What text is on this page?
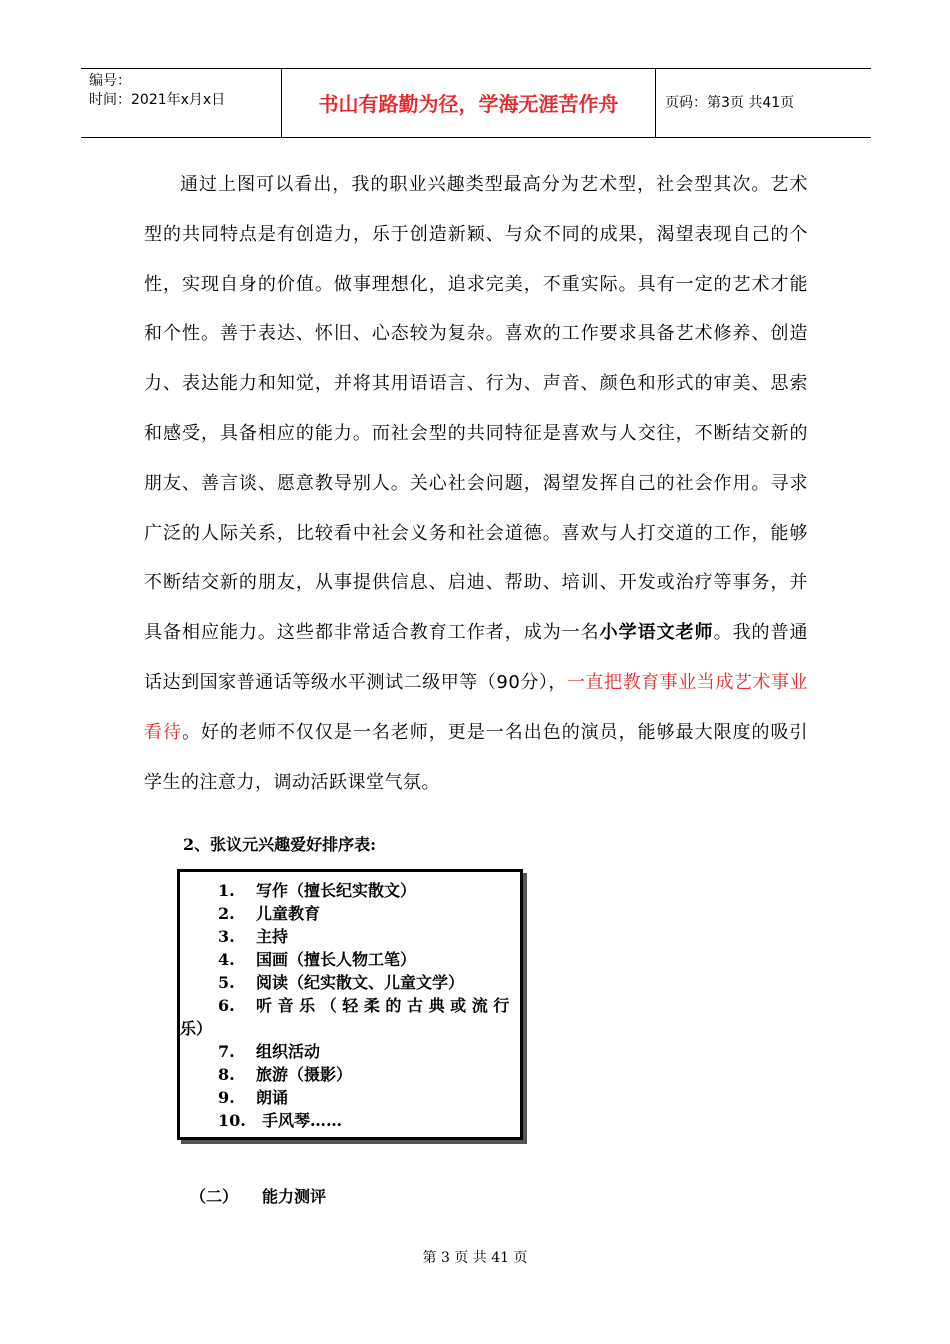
编号：
时间：2021年x月x日	书山有路勤为径，学海无涯苦作舟	页码：第3页 共41页

通过上图可以看出，我的职业兴趣类型最高分为艺术型，社会型其次。艺术型的共同特点是有创造力，乐于创造新颖、与众不同的成果，渴望表现自己的个性，实现自身的价值。做事理想化，追求完美，不重实际。具有一定的艺术才能和个性。善于表达、怀旧、心态较为复杂。喜欢的工作要求具备艺术修养、创造力、表达能力和知觉，并将其用语语言、行为、声音、颜色和形式的审美、思索和感受，具备相应的能力。而社会型的共同特征是喜欢与人交往，不断结交新的朋友、善言谈、愿意教导别人。关心社会问题，渴望发挥自己的社会作用。寻求广泛的人际关系，比较看中社会义务和社会道德。喜欢与人打交道的工作，能够不断结交新的朋友，从事提供信息、启迪、帮助、培训、开发或治疗等事务，并具备相应能力。这些都非常适合教育工作者，成为一名小学语文老师。我的普通话达到国家普通话等级水平测试二级甲等（90分），一直把教育事业当成艺术事业看待。好的老师不仅仅是一名老师，更是一名出色的演员，能够最大限度的吸引学生的注意力，调动活跃课堂气氛。

2、张议元兴趣爱好排序表:
1. 写作（擅长纪实散文）
2. 儿童教育
3. 主持
4. 国画（擅长人物工笔）
5. 阅读（纪实散文、儿童文学）
6. 听 音 乐 （ 轻 柔 的 古 典 或 流 行
乐）
7. 组织活动
8. 旅游（摄影）
9. 朗诵
10. 手风琴……
（二） 能力测评
第 3 页 共 41 页
